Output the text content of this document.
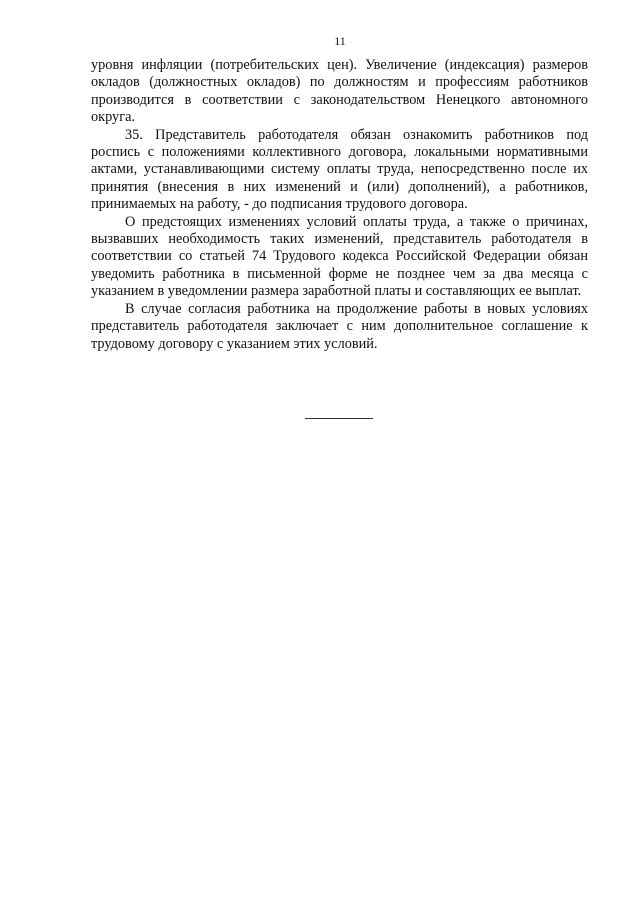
11

уровня инфляции (потребительских цен). Увеличение (индексация) размеров окладов (должностных окладов) по должностям и профессиям работников производится в соответствии с законодательством Ненецкого автономного округа.

35. Представитель работодателя обязан ознакомить работников под роспись с положениями коллективного договора, локальными нормативными актами, устанавливающими систему оплаты труда, непосредственно после их принятия (внесения в них изменений и (или) дополнений), а работников, принимаемых на работу, - до подписания трудового договора.

О предстоящих изменениях условий оплаты труда, а также о причинах, вызвавших необходимость таких изменений, представитель работодателя в соответствии со статьей 74 Трудового кодекса Российской Федерации обязан уведомить работника в письменной форме не позднее чем за два месяца с указанием в уведомлении размера заработной платы и составляющих ее выплат.

В случае согласия работника на продолжение работы в новых условиях представитель работодателя заключает с ним дополнительное соглашение к трудовому договору с указанием этих условий.
